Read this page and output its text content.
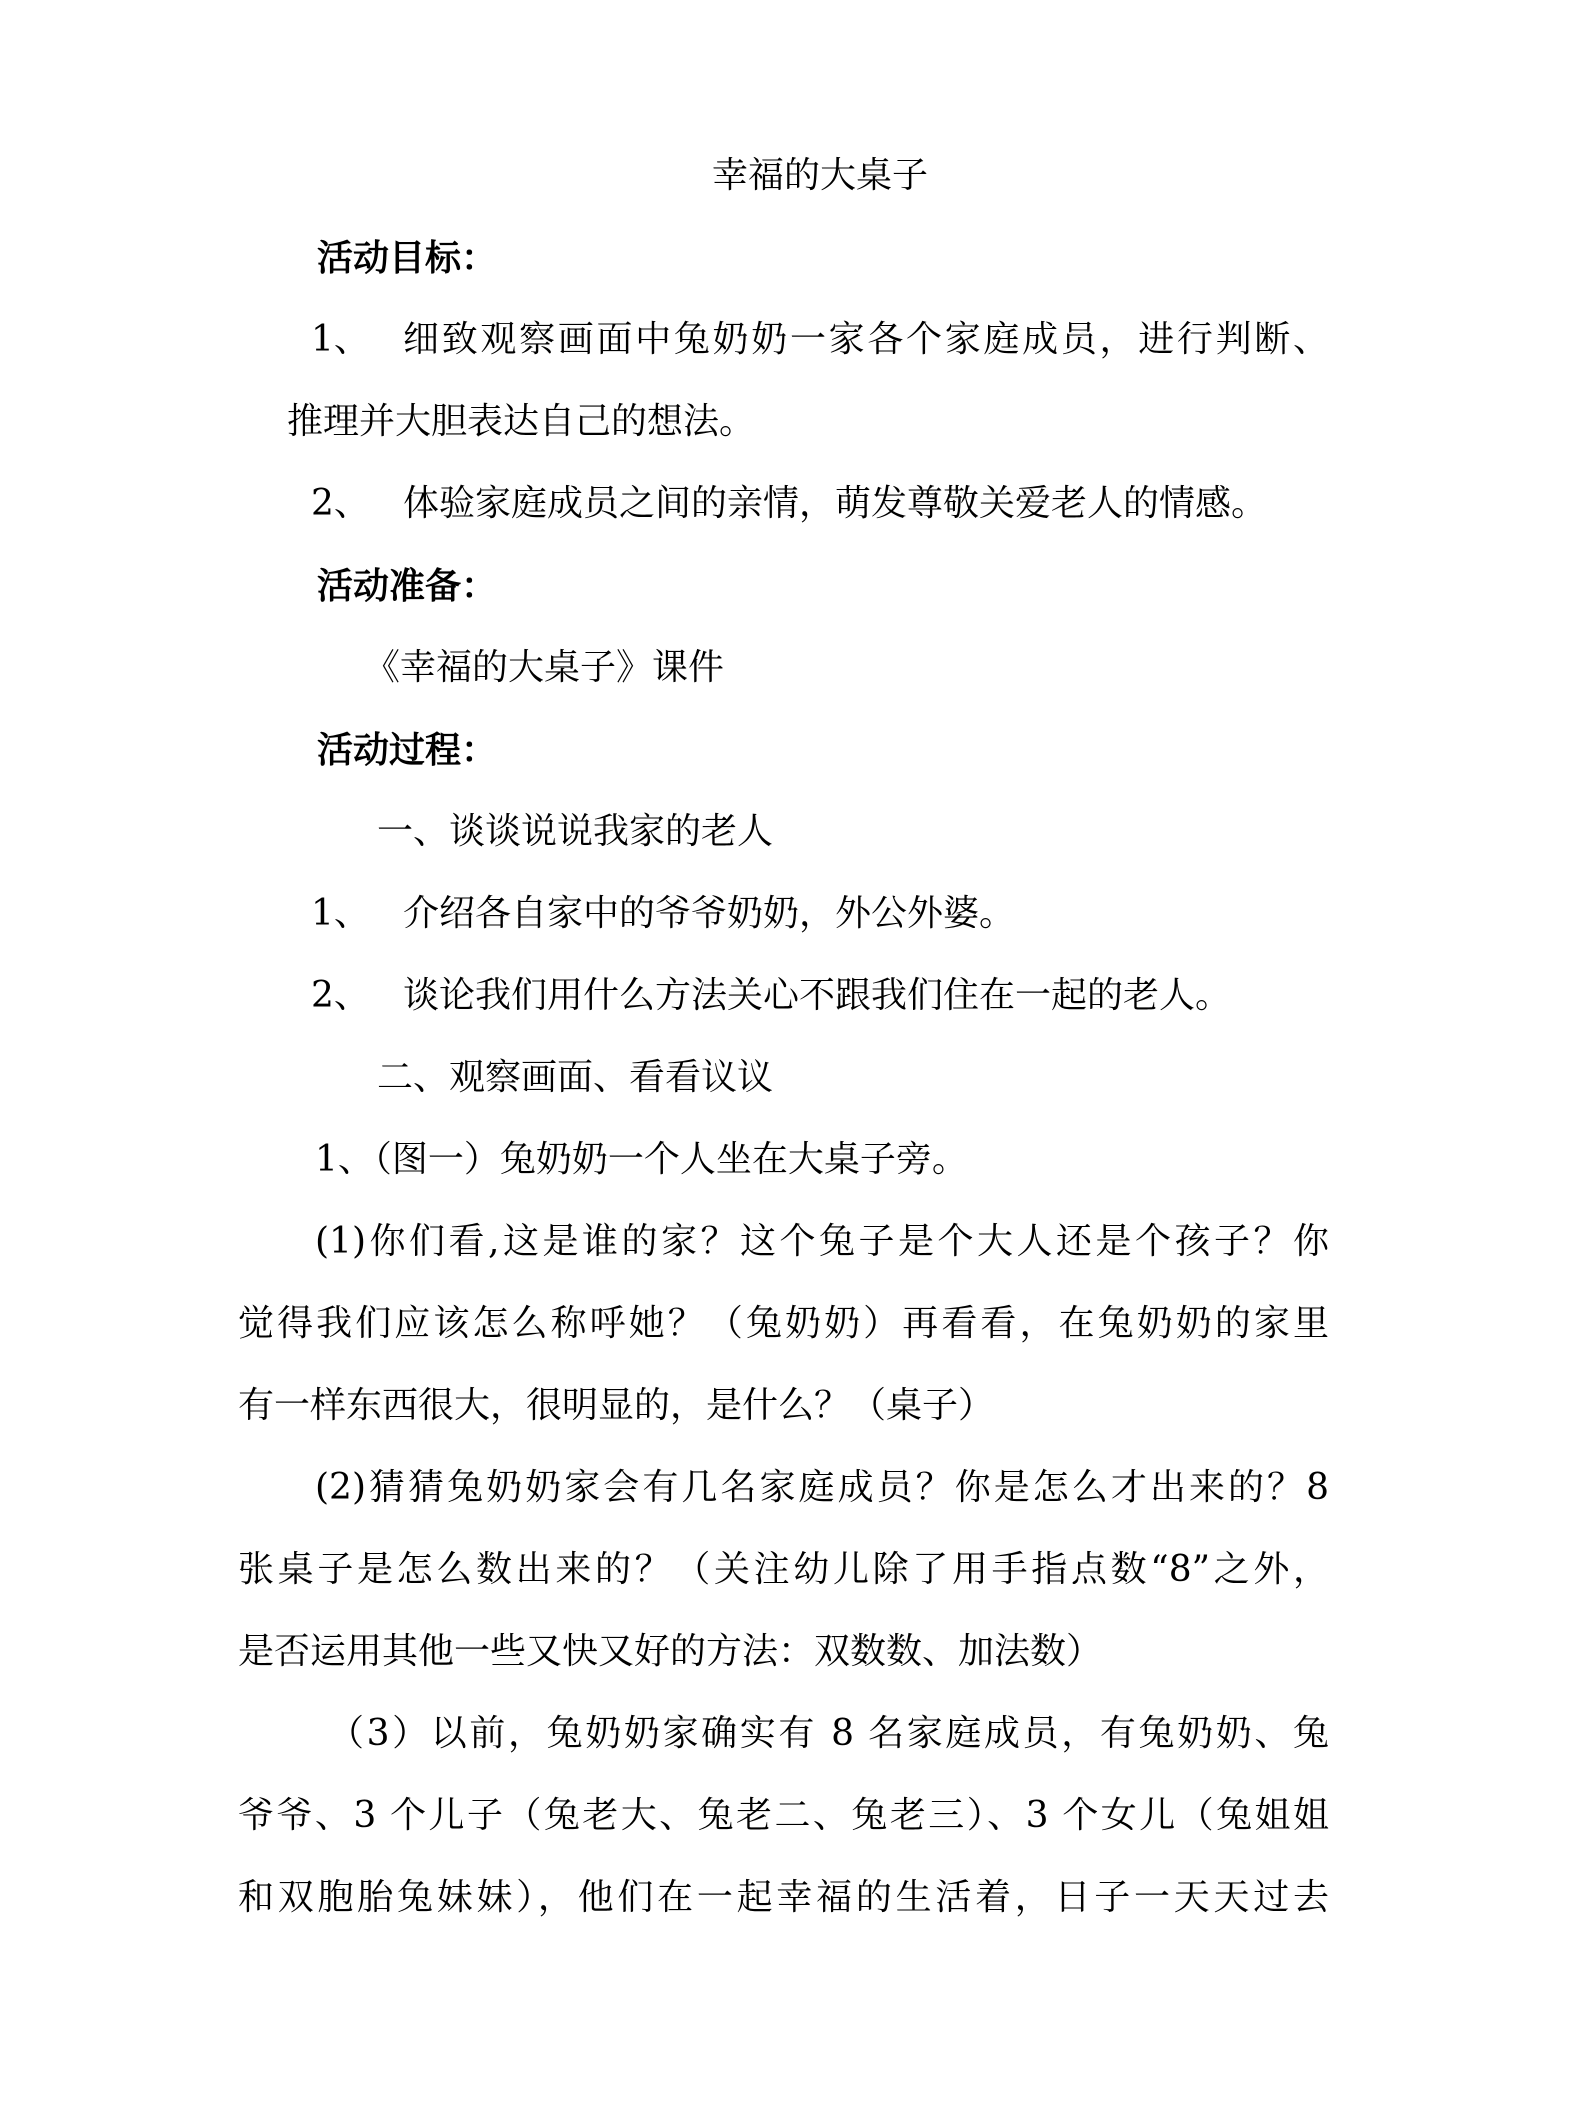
幸福的大桌子
活动目标：
1、 细致观察画面中兔奶奶一家各个家庭成员，进行判断、
推理并大胆表达自己的想法。
2、 体验家庭成员之间的亲情，萌发尊敬关爱老人的情感。
活动准备：
《幸福的大桌子》课件
活动过程：
一、谈谈说说我家的老人
1、 介绍各自家中的爷爷奶奶，外公外婆。
2、 谈论我们用什么方法关心不跟我们住在一起的老人。
二、观察画面、看看议议
1、（图一）兔奶奶一个人坐在大桌子旁。
(1)你们看,这是谁的家？这个兔子是个大人还是个孩子？你
觉得我们应该怎么称呼她？（兔奶奶）再看看，在兔奶奶的家里
有一样东西很大，很明显的，是什么？（桌子）
(2)猜猜兔奶奶家会有几名家庭成员？你是怎么才出来的？8
张桌子是怎么数出来的？（关注幼儿除了用手指点数“8”之外，
是否运用其他一些又快又好的方法：双数数、加法数）
（3）以前，兔奶奶家确实有 8 名家庭成员，有兔奶奶、兔
爷爷、3 个儿子（兔老大、兔老二、兔老三）、3 个女儿（兔姐姐
和双胞胎兔妹妹），他们在一起幸福的生活着，日子一天天过去
